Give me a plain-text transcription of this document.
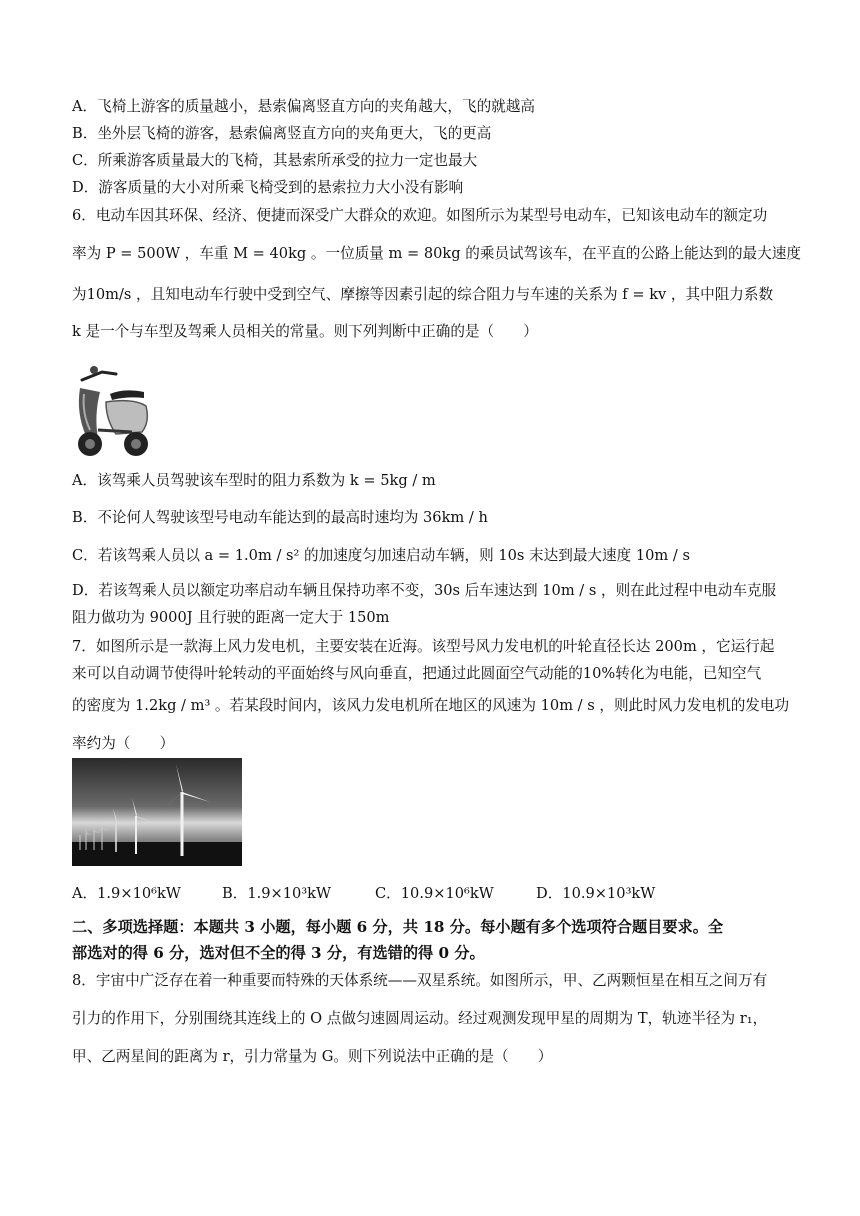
A．飞椅上游客的质量越小，悬索偏离竖直方向的夹角越大，飞的就越高
B．坐外层飞椅的游客，悬索偏离竖直方向的夹角更大，飞的更高
C．所乘游客质量最大的飞椅，其悬索所承受的拉力一定也最大
D．游客质量的大小对所乘飞椅受到的悬索拉力大小没有影响
6．电动车因其环保、经济、便捷而深受广大群众的欢迎。如图所示为某型号电动车，已知该电动车的额定功
率为 P = 500W ，车重 M = 40kg 。一位质量 m = 80kg 的乘员试驾该车，在平直的公路上能达到的最大速度
为10m/s ，且知电动车行驶中受到空气、摩擦等因素引起的综合阻力与车速的关系为 f = kv ，其中阻力系数
k 是一个与车型及驾乘人员相关的常量。则下列判断中正确的是（　　）
A．该驾乘人员驾驶该车型时的阻力系数为 k = 5kg / m
B．不论何人驾驶该型号电动车能达到的最高时速均为 36km / h
C．若该驾乘人员以 a = 1.0m / s² 的加速度匀加速启动车辆，则 10s 末达到最大速度 10m / s
D．若该驾乘人员以额定功率启动车辆且保持功率不变，30s 后车速达到 10m / s ，则在此过程中电动车克服
阻力做功为 9000J 且行驶的距离一定大于 150m
7．如图所示是一款海上风力发电机，主要安装在近海。该型号风力发电机的叶轮直径长达 200m ，它运行起
来可以自动调节使得叶轮转动的平面始终与风向垂直，把通过此圆面空气动能的10%转化为电能，已知空气
的密度为 1.2kg / m³ 。若某段时间内，该风力发电机所在地区的风速为 10m / s ，则此时风力发电机的发电功
率约为（　　）
A．1.9×10⁶kW	B．1.9×10³kW	C．10.9×10⁶kW	D．10.9×10³kW
二、多项选择题：本题共 3 小题，每小题 6 分，共 18 分。每小题有多个选项符合题目要求。全
部选对的得 6 分，选对但不全的得 3 分，有选错的得 0 分。
8．宇宙中广泛存在着一种重要而特殊的天体系统——双星系统。如图所示，甲、乙两颗恒星在相互之间万有
引力的作用下，分别围绕其连线上的 O 点做匀速圆周运动。经过观测发现甲星的周期为 T，轨迹半径为 r₁，
甲、乙两星间的距离为 r，引力常量为 G。则下列说法中正确的是（　　）
